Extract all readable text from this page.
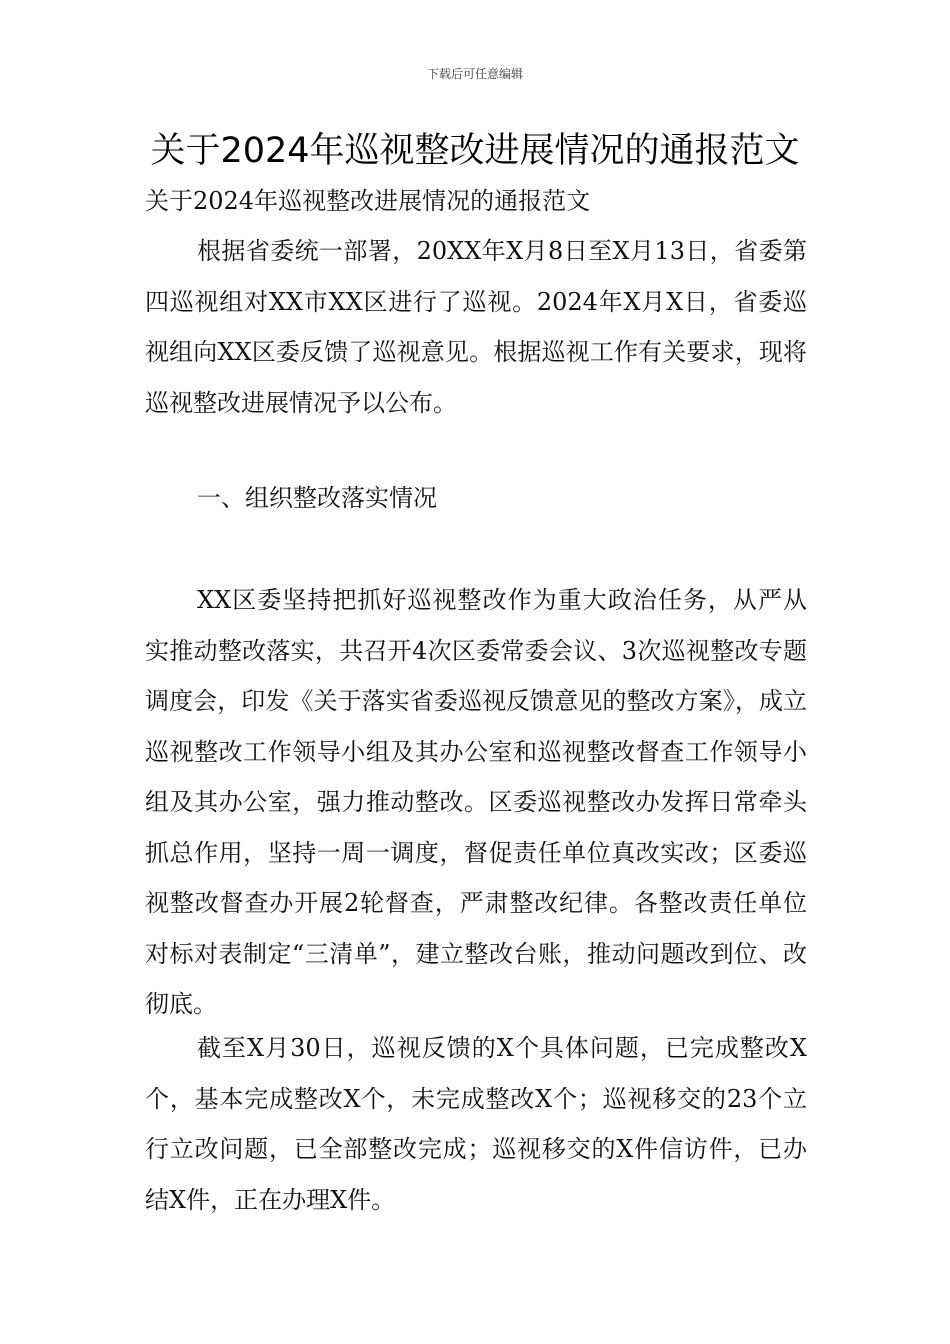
下载后可任意编辑
关于2024年巡视整改进展情况的通报范文

关于2024年巡视整改进展情况的通报范文

根据省委统一部署，20XX年X月8日至X月13日，省委第四巡视组对XX市XX区进行了巡视。2024年X月X日，省委巡视组向XX区委反馈了巡视意见。根据巡视工作有关要求，现将巡视整改进展情况予以公布。

一、组织整改落实情况

XX区委坚持把抓好巡视整改作为重大政治任务，从严从实推动整改落实，共召开4次区委常委会议、3次巡视整改专题调度会，印发《关于落实省委巡视反馈意见的整改方案》，成立巡视整改工作领导小组及其办公室和巡视整改督查工作领导小组及其办公室，强力推动整改。区委巡视整改办发挥日常牵头抓总作用，坚持一周一调度，督促责任单位真改实改；区委巡视整改督查办开展2轮督查，严肃整改纪律。各整改责任单位对标对表制定“三清单”，建立整改台账，推动问题改到位、改彻底。

截至X月30日，巡视反馈的X个具体问题，已完成整改X个，基本完成整改X个，未完成整改X个；巡视移交的23个立行立改问题，已全部整改完成；巡视移交的X件信访件，已办结X件，正在办理X件。
